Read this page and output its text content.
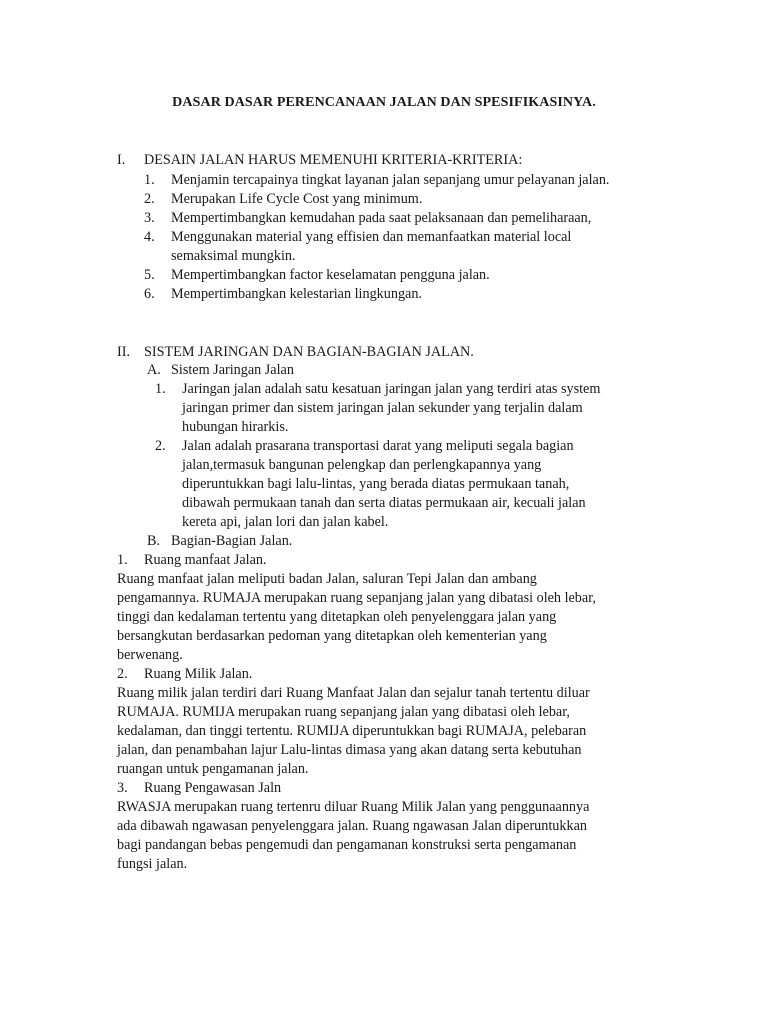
DASAR DASAR PERENCANAAN JALAN DAN SPESIFIKASINYA.
I.	DESAIN JALAN HARUS MEMENUHI KRITERIA-KRITERIA:
1.	Menjamin tercapainya tingkat layanan jalan sepanjang umur pelayanan jalan.
2.	Merupakan Life Cycle Cost yang minimum.
3.	Mempertimbangkan kemudahan pada saat pelaksanaan dan pemeliharaan,
4.	Menggunakan material yang effisien dan memanfaatkan material local
semaksimal mungkin.
5.	Mempertimbangkan factor keselamatan pengguna jalan.
6.	Mempertimbangkan kelestarian lingkungan.
II. SISTEM JARINGAN DAN BAGIAN-BAGIAN JALAN.
A. Sistem Jaringan Jalan
1.	Jaringan jalan adalah satu kesatuan jaringan jalan yang terdiri atas system
jaringan primer dan sistem jaringan jalan sekunder yang terjalin dalam
hubungan hirarkis.
2.	Jalan adalah prasarana transportasi darat yang meliputi segala bagian
jalan,termasuk bangunan pelengkap dan perlengkapannya yang
diperuntukkan bagi lalu-lintas, yang berada diatas permukaan tanah,
dibawah permukaan tanah dan serta diatas permukaan air, kecuali jalan
kereta api, jalan lori dan jalan kabel.
B. Bagian-Bagian Jalan.
1.	Ruang manfaat Jalan.
Ruang manfaat jalan meliputi badan Jalan, saluran Tepi Jalan dan ambang
pengamannya. RUMAJA merupakan ruang sepanjang jalan yang dibatasi oleh lebar,
tinggi dan kedalaman tertentu yang ditetapkan oleh penyelenggara jalan yang
bersangkutan berdasarkan pedoman yang ditetapkan oleh kementerian yang
berwenang.
2.	Ruang Milik Jalan.
Ruang milik jalan terdiri dari Ruang Manfaat Jalan dan sejalur tanah tertentu diluar
RUMAJA. RUMIJA merupakan ruang sepanjang jalan yang dibatasi oleh lebar,
kedalaman, dan tinggi tertentu. RUMIJA diperuntukkan bagi RUMAJA, pelebaran
jalan, dan penambahan lajur Lalu-lintas dimasa yang akan datang serta kebutuhan
ruangan untuk pengamanan jalan.
3.	Ruang Pengawasan Jaln
RWASJA merupakan ruang tertenru diluar Ruang Milik Jalan yang penggunaannya
ada dibawah ngawasan penyelenggara jalan. Ruang ngawasan Jalan diperuntukkan
bagi pandangan bebas pengemudi dan pengamanan konstruksi serta pengamanan
fungsi jalan.
